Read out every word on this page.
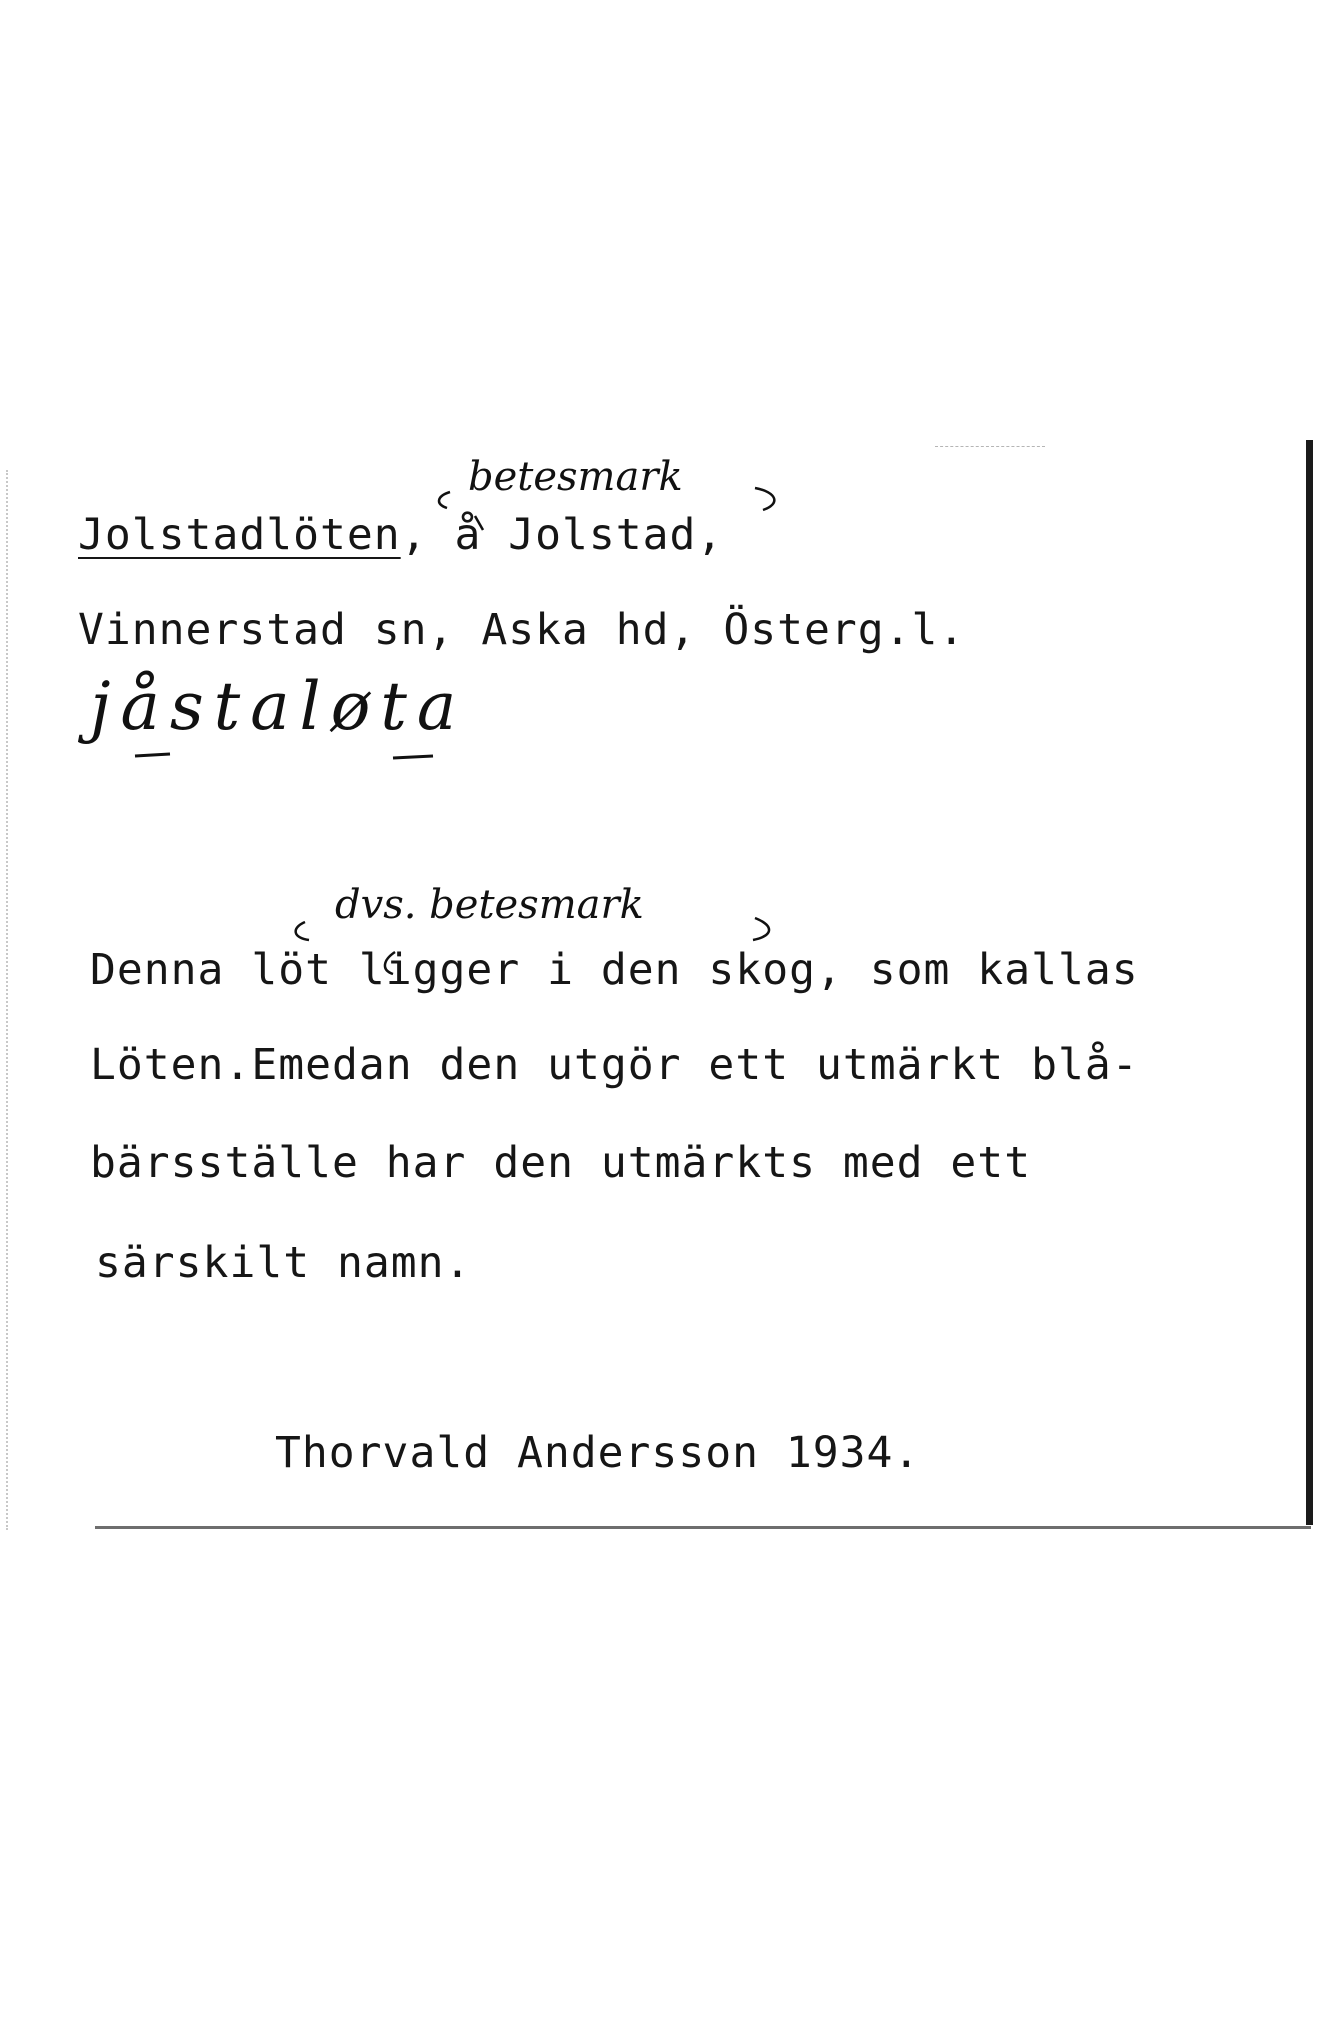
betesmark
Jolstadlöten, å Jolstad,
Vinnerstad sn, Aska hd, Österg.l.
jåstaløta
dvs. betesmark
Denna löt ligger i den skog, som kallas
Löten.Emedan den utgör ett utmärkt blå-
bärsställe har den utmärkts med ett
särskilt namn.
Thorvald Andersson 1934.
